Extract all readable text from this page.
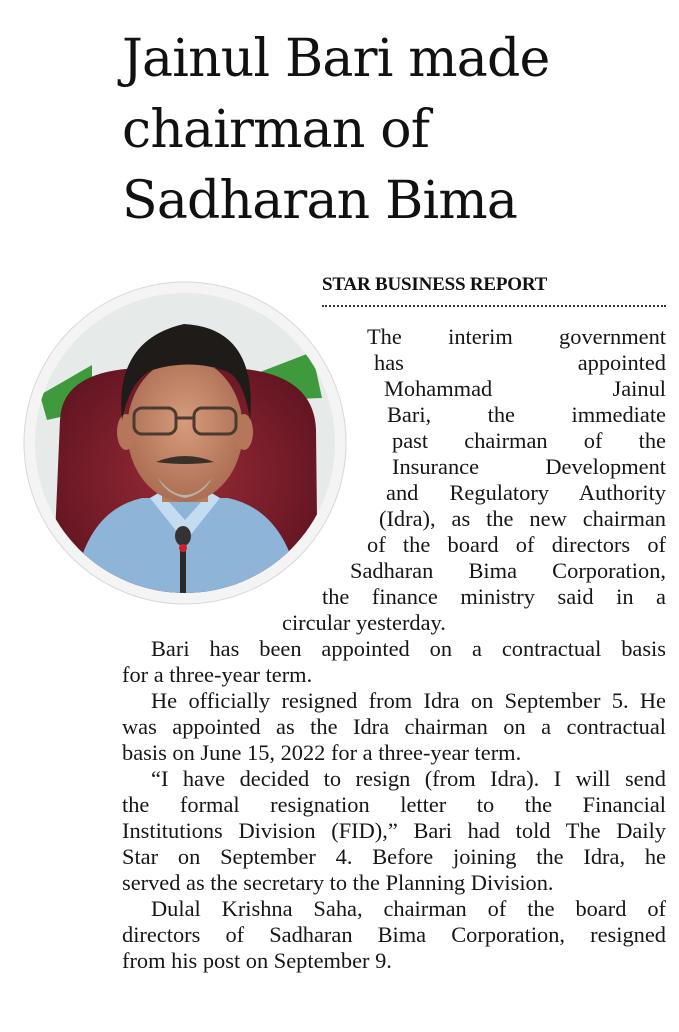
Jainul Bari made
chairman of
Sadharan Bima
STAR BUSINESS REPORT

The interim government
has appointed
Mohammad Jainul
Bari, the immediate
past chairman of the
Insurance Development
and Regulatory Authority
(Idra), as the new chairman
of the board of directors of
Sadharan Bima Corporation,
the finance ministry said in a
circular yesterday.

Bari has been appointed on a contractual basis
for a three-year term.

He officially resigned from Idra on September 5. He
was appointed as the Idra chairman on a contractual
basis on June 15, 2022 for a three-year term.

“I have decided to resign (from Idra). I will send
the formal resignation letter to the Financial
Institutions Division (FID),” Bari had told The Daily
Star on September 4. Before joining the Idra, he
served as the secretary to the Planning Division.

Dulal Krishna Saha, chairman of the board of
directors of Sadharan Bima Corporation, resigned
from his post on September 9.
